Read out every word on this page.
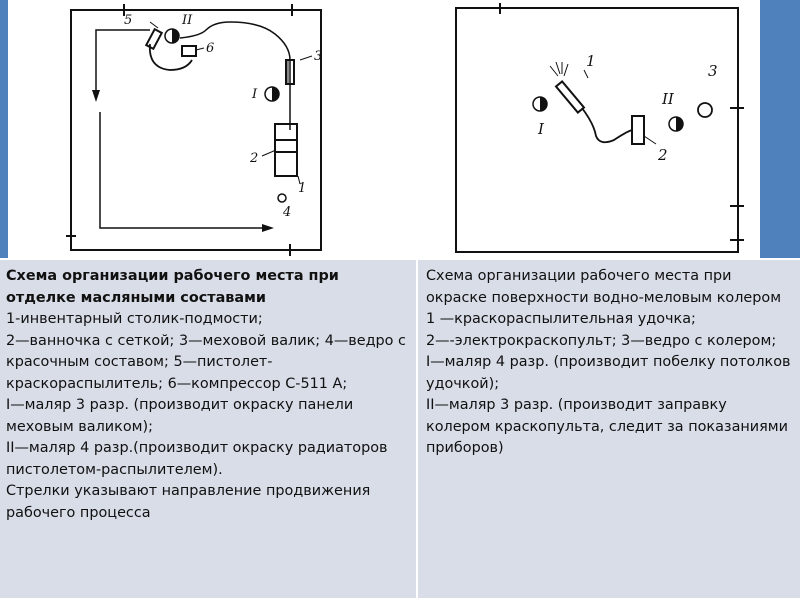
5	II
6
3
I
2
1
4
1
3
II
I
2

Схема организации рабочего места при отделке масляными составами

1-инвентарный столик-подмости;

2—ванночка с сеткой; 3—меховой валик; 4—ведро с красочным составом; 5—пистолет-краскораспылитель; 6—компрессор С-511 А;

I—маляр 3 разр. (производит окраску панели меховым валиком);

II—маляр 4 разр.(производит окраску радиаторов пистолетом-распылителем).

Стрелки указывают направление продвижения рабочего процесса

Схема организации рабочего места при окраске поверхности водно-меловым колером

1 —краскораспылительная удочка;

2—-электрокраскопульт; 3—ведро с колером;

I—маляр 4 разр. (производит побелку потолков удочкой);

II—маляр 3 разр. (производит заправку колером краскопульта, следит за показаниями приборов)
